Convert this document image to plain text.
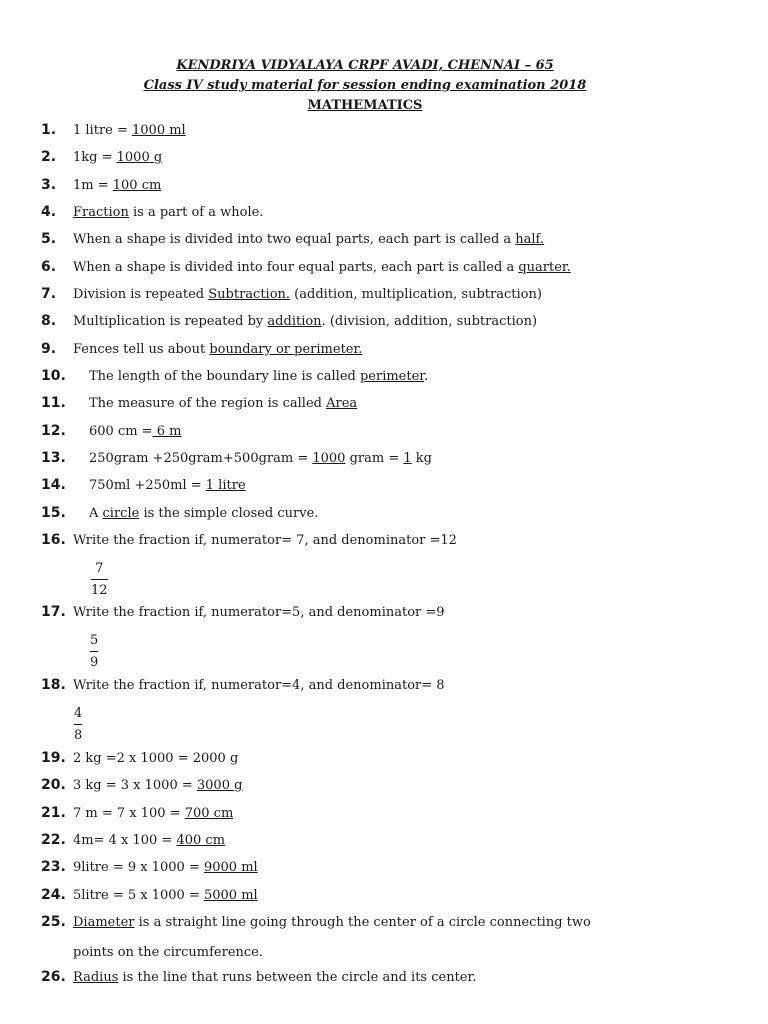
KENDRIYA VIDYALAYA CRPF AVADI, CHENNAI – 65
Class IV study material for session ending examination 2018
MATHEMATICS
1. 1 litre = 1000 ml
2. 1kg = 1000 g
3. 1m = 100 cm
4. Fraction is a part of a whole.
5. When a shape is divided into two equal parts, each part is called a half.
6. When a shape is divided into four equal parts, each part is called a quarter.
7. Division is repeated Subtraction. (addition, multiplication, subtraction)
8. Multiplication is repeated by addition. (division, addition, subtraction)
9. Fences tell us about boundary or perimeter.
10. The length of the boundary line is called perimeter.
11. The measure of the region is called Area
12. 600 cm = 6 m
13. 250gram +250gram+500gram = 1000 gram = 1 kg
14. 750ml +250ml = 1 litre
15. A circle is the simple closed curve.
16. Write the fraction if, numerator= 7, and denominator =12
17. Write the fraction if, numerator=5, and denominator =9
18. Write the fraction if, numerator=4, and denominator= 8
19. 2 kg =2 x 1000 = 2000 g
20. 3 kg = 3 x 1000 = 3000 g
21. 7 m = 7 x 100 = 700 cm
22. 4m= 4 x 100 = 400 cm
23. 9litre = 9 x 1000 = 9000 ml
24. 5litre = 5 x 1000 = 5000 ml
25. Diameter is a straight line going through the center of a circle connecting two
26. Radius is the line that runs between the circle and its center.
points on the circumference.
7
12
5
9
4
8
